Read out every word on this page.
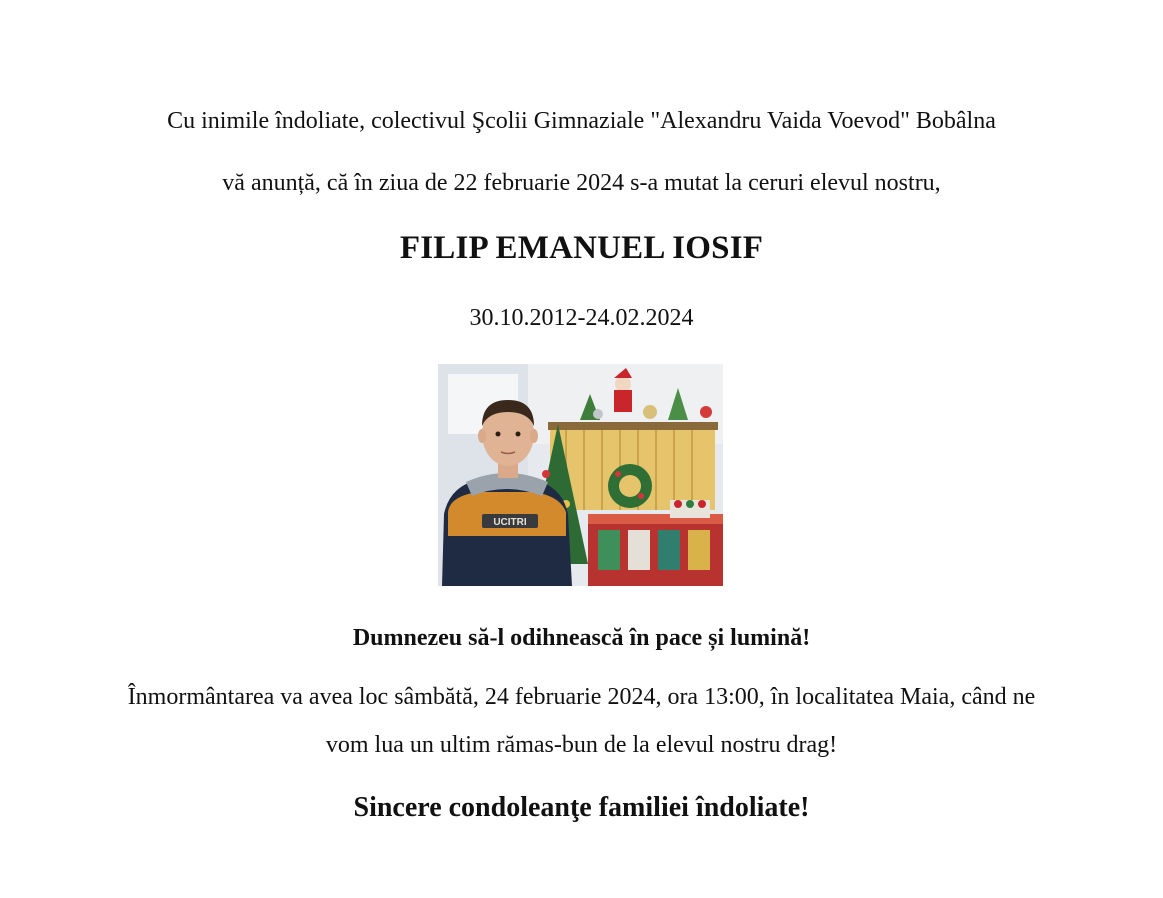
Cu inimile îndoliate, colectivul Şcolii Gimnaziale "Alexandru Vaida Voevod" Bobâlna
vă anunță, că în ziua de 22 februarie 2024 s-a mutat la ceruri elevul nostru,
FILIP EMANUEL IOSIF
30.10.2012-24.02.2024
UCITRI
Dumnezeu să-l odihnească în pace și lumină!
Înmormântarea va avea loc sâmbătă, 24 februarie 2024, ora 13:00, în localitatea Maia, când ne
vom lua un ultim rămas-bun de la elevul nostru drag!
Sincere condoleanţe familiei îndoliate!
